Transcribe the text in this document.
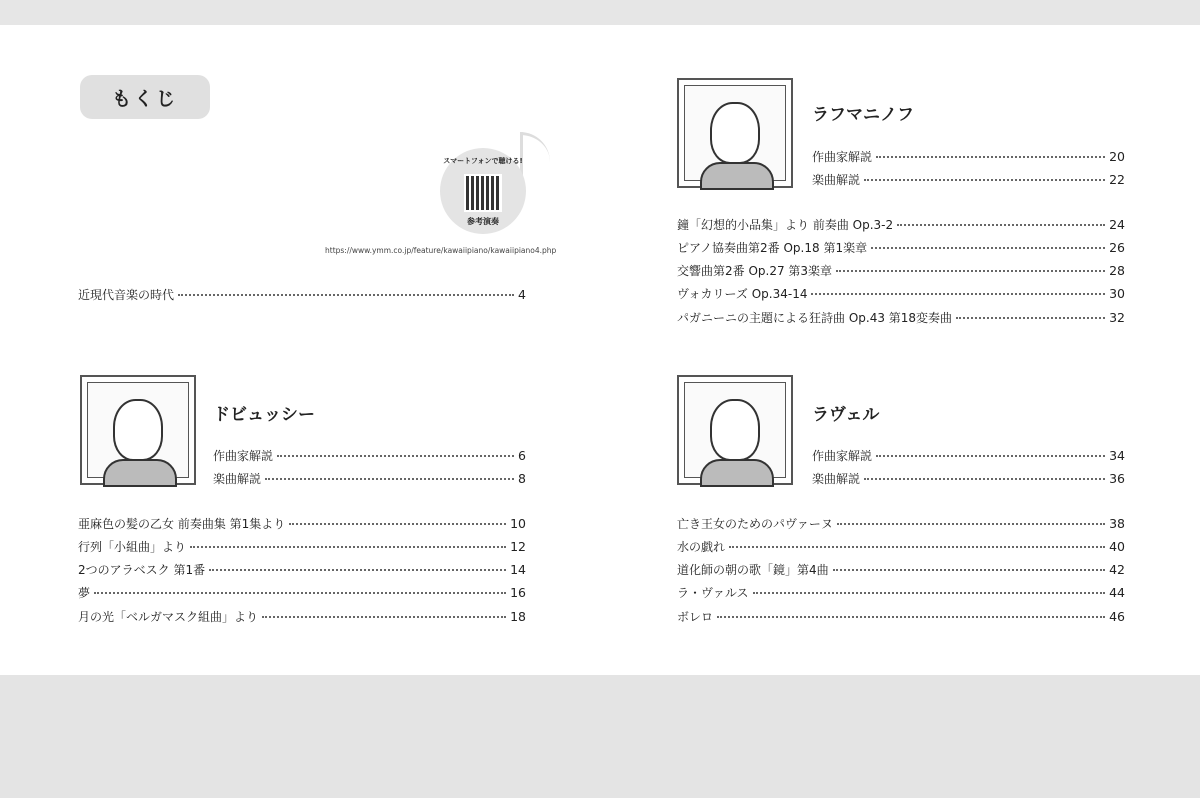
もくじ
スマートフォンで聴ける!
参考演奏
https://www.ymm.co.jp/feature/kawaiipiano/kawaiipiano4.php
近現代音楽の時代	4
ドビュッシー
作曲家解説	6
楽曲解説	8
亜麻色の髪の乙女 前奏曲集 第1集より	10
行列「小組曲」より	12
2つのアラベスク 第1番	14
夢	16
月の光「ベルガマスク組曲」より	18
ラフマニノフ
作曲家解説	20
楽曲解説	22
鐘「幻想的小品集」より 前奏曲 Op.3-2	24
ピアノ協奏曲第2番 Op.18 第1楽章	26
交響曲第2番 Op.27 第3楽章	28
ヴォカリーズ Op.34-14	30
パガニーニの主題による狂詩曲 Op.43 第18変奏曲	32
ラヴェル
作曲家解説	34
楽曲解説	36
亡き王女のためのパヴァーヌ	38
水の戯れ	40
道化師の朝の歌「鏡」第4曲	42
ラ・ヴァルス	44
ボレロ	46
